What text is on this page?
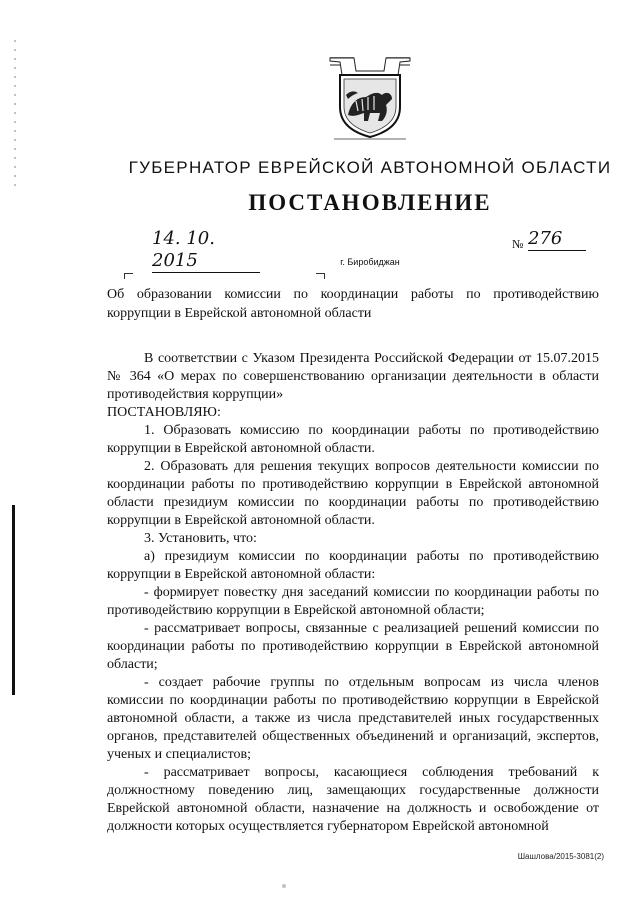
ГУБЕРНАТОР ЕВРЕЙСКОЙ АВТОНОМНОЙ ОБЛАСТИ
ПОСТАНОВЛЕНИЕ
14. 10. 2015
№ 276
г. Биробиджан

Об образовании комиссии по координации работы по противодействию коррупции в Еврейской автономной области

В соответствии с Указом Президента Российской Федерации от 15.07.2015 № 364 «О мерах по совершенствованию организации деятельности в области противодействия коррупции»

ПОСТАНОВЛЯЮ:

1. Образовать комиссию по координации работы по противодействию коррупции в Еврейской автономной области.

2. Образовать для решения текущих вопросов деятельности комиссии по координации работы по противодействию коррупции в Еврейской автономной области президиум комиссии по координации работы по противодействию коррупции в Еврейской автономной области.

3. Установить, что:

а) президиум комиссии по координации работы по противодействию коррупции в Еврейской автономной области:

- формирует повестку дня заседаний комиссии по координации работы по противодействию коррупции в Еврейской автономной области;

- рассматривает вопросы, связанные с реализацией решений комиссии по координации работы по противодействию коррупции в Еврейской автономной области;

- создает рабочие группы по отдельным вопросам из числа членов комиссии по координации работы по противодействию коррупции в Еврейской автономной области, а также из числа представителей иных государственных органов, представителей общественных объединений и организаций, экспертов, ученых и специалистов;

- рассматривает вопросы, касающиеся соблюдения требований к должностному поведению лиц, замещающих государственные должности Еврейской автономной области, назначение на должность и освобождение от должности которых осуществляется губернатором Еврейской автономной

Шашлова/2015-3081(2)
